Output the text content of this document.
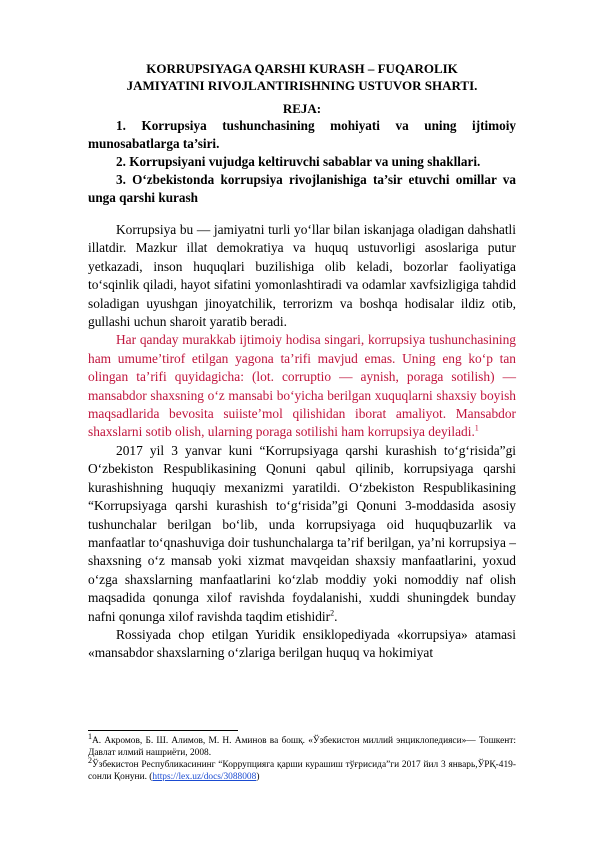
KORRUPSIYAGA QARSHI KURASH – FUQAROLIK
JAMIYATINI RIVOJLANTIRISHNING USTUVOR SHARTI.

REJA:

1. Korrupsiya tushunchasining mohiyati va uning ijtimoiy munosabatlarga ta’siri.

2. Korrupsiyani vujudga keltiruvchi sabablar va uning shakllari.

3. O‘zbekistonda korrupsiya rivojlanishiga ta’sir etuvchi omillar va unga qarshi kurash

Korrupsiya bu — jamiyatni turli yo‘llar bilan iskanjaga oladigan dahshatli illatdir. Mazkur illat demokratiya va huquq ustuvorligi asoslariga putur yetkazadi, inson huquqlari buzilishiga olib keladi, bozorlar faoliyatiga to‘sqinlik qiladi, hayot sifatini yomonlashtiradi va odamlar xavfsizligiga tahdid soladigan uyushgan jinoyatchilik, terrorizm va boshqa hodisalar ildiz otib, gullashi uchun sharoit yaratib beradi.

Har qanday murakkab ijtimoiy hodisa singari, korrupsiya tushunchasining ham umume’tirof etilgan yagona ta’rifi mavjud emas. Uning eng ko‘p tan olingan ta’rifi quyidagicha: (lot. corruptio — aynish, poraga sotilish) — mansabdor shaxsning o‘z mansabi bo‘yicha berilgan xuquqlarni shaxsiy boyish maqsadlarida bevosita suiiste’mol qilishidan iborat amaliyot. Mansabdor shaxslarni sotib olish, ularning poraga sotilishi ham korrupsiya deyiladi.$^1$

2017 yil 3 yanvar kuni “Korrupsiyaga qarshi kurashish to‘g‘risida”gi O‘zbekiston Respublikasining Qonuni qabul qilinib, korrupsiyaga qarshi kurashishning huquqiy mexanizmi yaratildi. O‘zbekiston Respublikasining “Korrupsiyaga qarshi kurashish to‘g‘risida”gi Qonuni 3-moddasida asosiy tushunchalar berilgan bo‘lib, unda korrupsiyaga oid huquqbuzarlik va manfaatlar to‘qnashuviga doir tushunchalarga ta’rif berilgan, ya’ni korrupsiya – shaxsning o‘z mansab yoki xizmat mavqeidan shaxsiy manfaatlarini, yoxud o‘zga shaxslarning manfaatlarini ko‘zlab moddiy yoki nomoddiy naf olish maqsadida qonunga xilof ravishda foydalanishi, xuddi shuningdek bunday nafni qonunga xilof ravishda taqdim etishidir$^2$.

Rossiyada chop etilgan Yuridik ensiklopediyada «korrupsiya» atamasi «mansabdor shaxslarning o‘zlariga berilgan huquq va hokimiyat

$^1$А. Акромов, Б. Ш. Алимов, М. Н. Аминов ва бошқ. «Ўзбекистон миллий энциклопедияси»— Тошкент: Давлат илмий нашриёти, 2008.

$^2$Ўзбекистон Республикасининг “Коррупцияга қарши курашиш тўғрисида”ги 2017 йил 3 январь,ЎРҚ-419-сонли Қонуни. (https://lex.uz/docs/3088008)
